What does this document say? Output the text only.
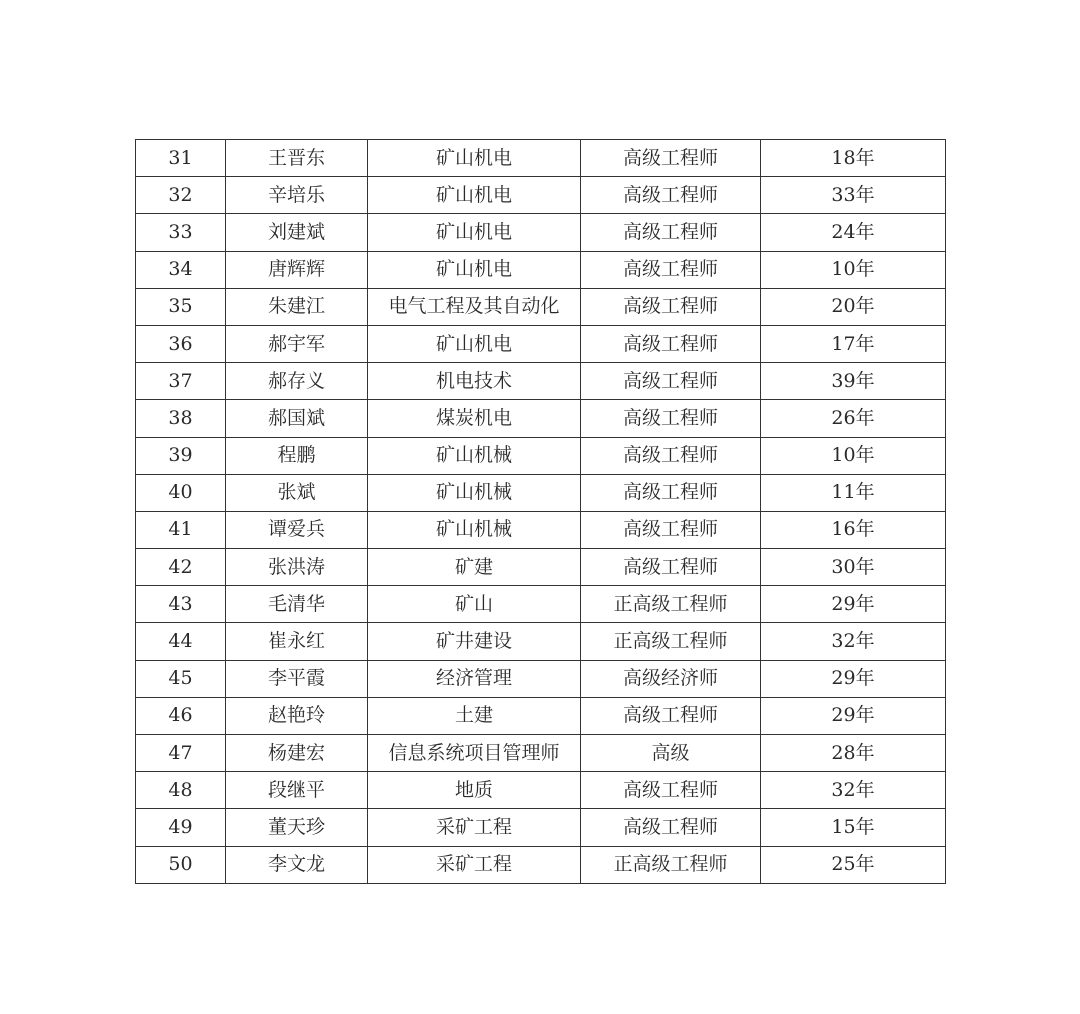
31	王晋东	矿山机电	高级工程师	18年
32	辛培乐	矿山机电	高级工程师	33年
33	刘建斌	矿山机电	高级工程师	24年
34	唐辉辉	矿山机电	高级工程师	10年
35	朱建江	电气工程及其自动化	高级工程师	20年
36	郝宇军	矿山机电	高级工程师	17年
37	郝存义	机电技术	高级工程师	39年
38	郝国斌	煤炭机电	高级工程师	26年
39	程鹏	矿山机械	高级工程师	10年
40	张斌	矿山机械	高级工程师	11年
41	谭爱兵	矿山机械	高级工程师	16年
42	张洪涛	矿建	高级工程师	30年
43	毛清华	矿山	正高级工程师	29年
44	崔永红	矿井建设	正高级工程师	32年
45	李平霞	经济管理	高级经济师	29年
46	赵艳玲	土建	高级工程师	29年
47	杨建宏	信息系统项目管理师	高级	28年
48	段继平	地质	高级工程师	32年
49	董天珍	采矿工程	高级工程师	15年
50	李文龙	采矿工程	正高级工程师	25年
